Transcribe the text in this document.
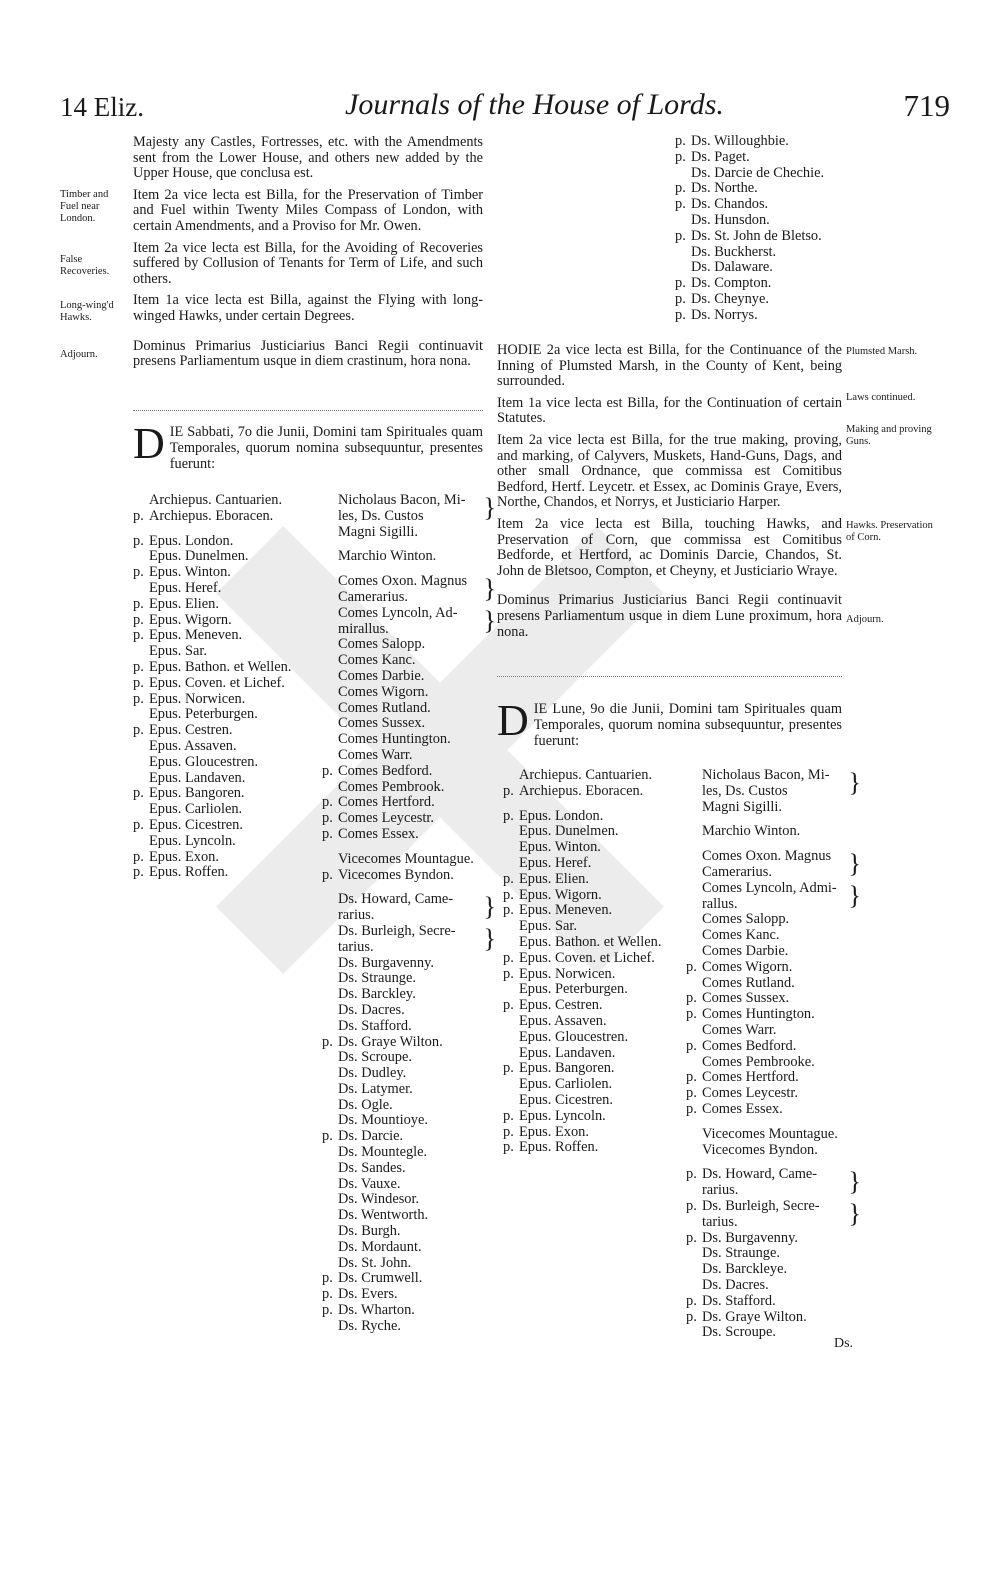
14 Eliz.	Journals of the House of Lords.	719
Timber and Fuel near London.
False Recoveries.
Long-wing'd Hawks.
Adjourn.	Plumsted Marsh.
Laws continued.
Making and proving Guns.
Hawks. Preservation of Corn.
Adjourn.

Majesty any Castles, Fortresses, etc. with the Amendments sent from the Lower House, and others new added by the Upper House, que conclusa est.

Item 2a vice lecta est Billa, for the Preservation of Timber and Fuel within Twenty Miles Compass of London, with certain Amendments, and a Proviso for Mr. Owen.

Item 2a vice lecta est Billa, for the Avoiding of Recoveries suffered by Collusion of Tenants for Term of Life, and such others.

Item 1a vice lecta est Billa, against the Flying with long-winged Hawks, under certain Degrees.

Dominus Primarius Justiciarius Banci Regii continuavit presens Parliamentum usque in diem crastinum, hora nona.

DIE Sabbati, 7o die Junii, Domini tam Spirituales quam Temporales, quorum nomina subsequuntur, presentes fuerunt:
Archiepus. Cantuarien.
p. Archiepus. Eboracen.
p. Epus. London.
Epus. Dunelmen.
p. Epus. Winton.
Epus. Heref.
p. Epus. Elien.
p. Epus. Wigorn.
p. Epus. Meneven.
Epus. Sar.
p. Epus. Bathon. et Wellen.
p. Epus. Coven. et Lichef.
p. Epus. Norwicen.
Epus. Peterburgen.
p. Epus. Cestren.
Epus. Assaven.
Epus. Gloucestren.
Epus. Landaven.
p. Epus. Bangoren.
Epus. Carliolen.
p. Epus. Cicestren.
Epus. Lyncoln.
p. Epus. Exon.
p. Epus. Roffen.
Nicholaus Bacon, Mi- }
les, Ds. Custos
Magni Sigilli.
Marchio Winton.
Comes Oxon. Magnus }
Camerarius.
Comes Lyncoln, Ad- }
mirallus.
Comes Salopp.
Comes Kanc.
Comes Darbie.
Comes Wigorn.
Comes Rutland.
Comes Sussex.
Comes Huntington.
Comes Warr.
p. Comes Bedford.
Comes Pembrook.
p. Comes Hertford.
p. Comes Leycestr.
p. Comes Essex.
Vicecomes Mountague.
p. Vicecomes Byndon.
Ds. Howard, Came- }
rarius.
Ds. Burleigh, Secre- }
tarius.
Ds. Burgavenny.
Ds. Straunge.
Ds. Barckley.
Ds. Dacres.
Ds. Stafford.
p. Ds. Graye Wilton.
Ds. Scroupe.
Ds. Dudley.
Ds. Latymer.
Ds. Ogle.
Ds. Mountioye.
p. Ds. Darcie.
Ds. Mountegle.
Ds. Sandes.
Ds. Vauxe.
Ds. Windesor.
Ds. Wentworth.
Ds. Burgh.
Ds. Mordaunt.
Ds. St. John.
p. Ds. Crumwell.
p. Ds. Evers.
p. Ds. Wharton.
Ds. Ryche.
p. Ds. Willoughbie.
p. Ds. Paget.
Ds. Darcie de Chechie.
p. Ds. Northe.
p. Ds. Chandos.
Ds. Hunsdon.
p. Ds. St. John de Bletso.
Ds. Buckherst.
Ds. Dalaware.
p. Ds. Compton.
p. Ds. Cheynye.
p. Ds. Norrys.

HODIE 2a vice lecta est Billa, for the Continuance of the Inning of Plumsted Marsh, in the County of Kent, being surrounded.

Item 1a vice lecta est Billa, for the Continuation of certain Statutes.

Item 2a vice lecta est Billa, for the true making, proving, and marking, of Calyvers, Muskets, Hand-Guns, Dags, and other small Ordnance, que commissa est Comitibus Bedford, Hertf. Leycetr. et Essex, ac Dominis Graye, Evers, Northe, Chandos, et Norrys, et Justiciario Harper.

Item 2a vice lecta est Billa, touching Hawks, and Preservation of Corn, que commissa est Comitibus Bedforde, et Hertford, ac Dominis Darcie, Chandos, St. John de Bletsoo, Compton, et Cheyny, et Justiciario Wraye.

Dominus Primarius Justiciarius Banci Regii continuavit presens Parliamentum usque in diem Lune proximum, hora nona.

DIE Lune, 9o die Junii, Domini tam Spirituales quam Temporales, quorum nomina subsequuntur, presentes fuerunt:
Archiepus. Cantuarien.
p. Archiepus. Eboracen.
p. Epus. London.
Epus. Dunelmen.
Epus. Winton.
Epus. Heref.
p. Epus. Elien.
p. Epus. Wigorn.
p. Epus. Meneven.
Epus. Sar.
Epus. Bathon. et Wellen.
p. Epus. Coven. et Lichef.
p. Epus. Norwicen.
Epus. Peterburgen.
p. Epus. Cestren.
Epus. Assaven.
Epus. Gloucestren.
Epus. Landaven.
p. Epus. Bangoren.
Epus. Carliolen.
Epus. Cicestren.
p. Epus. Lyncoln.
p. Epus. Exon.
p. Epus. Roffen.
Nicholaus Bacon, Mi- }
les, Ds. Custos
Magni Sigilli.
Marchio Winton.
Comes Oxon. Magnus }
Camerarius.
Comes Lyncoln, Admi- }
rallus.
Comes Salopp.
Comes Kanc.
Comes Darbie.
p. Comes Wigorn.
Comes Rutland.
p. Comes Sussex.
p. Comes Huntington.
Comes Warr.
p. Comes Bedford.
Comes Pembrooke.
p. Comes Hertford.
p. Comes Leycestr.
p. Comes Essex.
Vicecomes Mountague.
Vicecomes Byndon.
p. Ds. Howard, Came- }
rarius.
p. Ds. Burleigh, Secre- }
tarius.
p. Ds. Burgavenny.
Ds. Straunge.
Ds. Barckleye.
Ds. Dacres.
p. Ds. Stafford.
p. Ds. Graye Wilton.
Ds. Scroupe.
Ds.
